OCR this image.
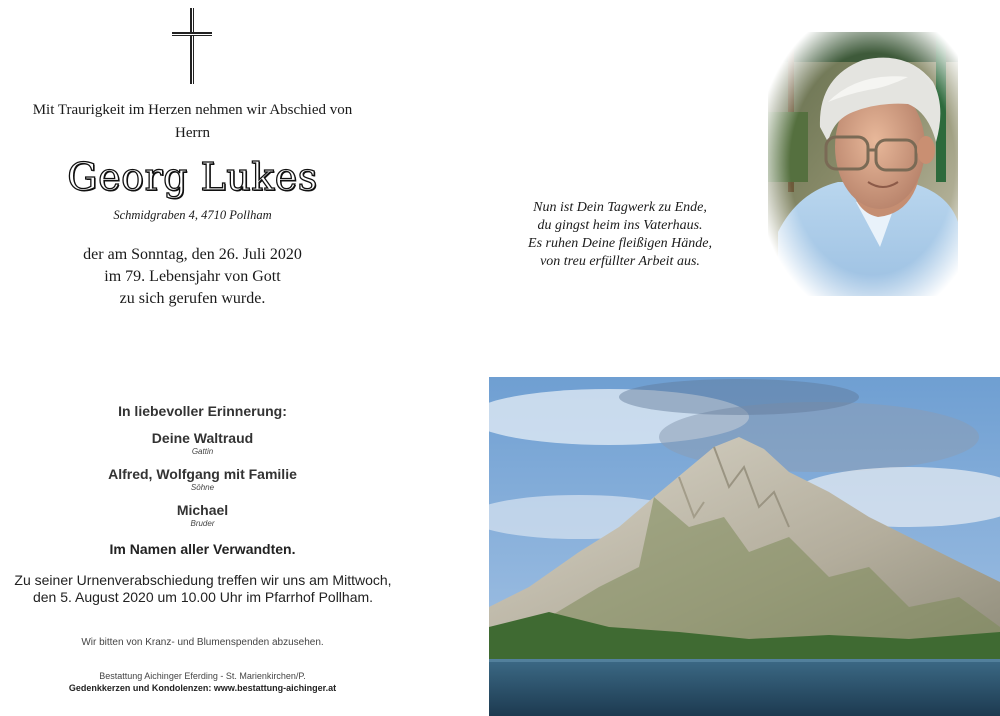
Mit Traurigkeit im Herzen nehmen wir Abschied von
Herrn
Georg Lukes
Schmidgraben 4, 4710 Pollham
der am Sonntag, den 26. Juli 2020
im 79. Lebensjahr von Gott
zu sich gerufen wurde.
Nun ist Dein Tagwerk zu Ende,
du gingst heim ins Vaterhaus.
Es ruhen Deine fleißigen Hände,
von treu erfüllter Arbeit aus.
In liebevoller Erinnerung:
Deine Waltraud
Gattin
Alfred, Wolfgang mit Familie
Söhne
Michael
Bruder
Im Namen aller Verwandten.
Zu seiner Urnenverabschiedung treffen wir uns am Mittwoch,
den 5. August 2020 um 10.00 Uhr im Pfarrhof Pollham.
Wir bitten von Kranz- und Blumenspenden abzusehen.
Bestattung Aichinger Eferding - St. Marienkirchen/P.
Gedenkkerzen und Kondolenzen: www.bestattung-aichinger.at
